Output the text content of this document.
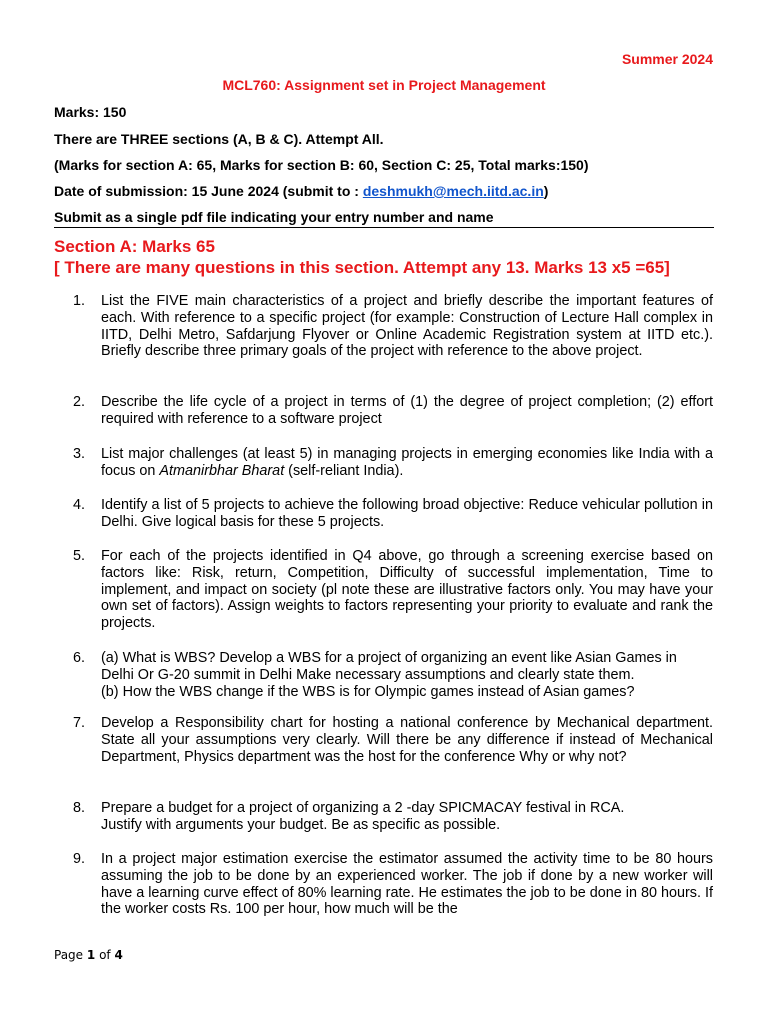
Summer 2024
MCL760: Assignment set in Project Management
Marks: 150
There are THREE sections (A, B & C). Attempt All.
(Marks for section A: 65, Marks for section B: 60, Section C: 25, Total marks:150)
Date of submission: 15 June 2024 (submit to : deshmukh@mech.iitd.ac.in)
Submit as a single pdf file indicating your entry number and name
Section A: Marks 65
[ There are many questions in this section. Attempt any 13. Marks 13 x5 =65]
1.	List the FIVE main characteristics of a project and briefly describe the important features of each. With reference to a specific project (for example: Construction of Lecture Hall complex in IITD, Delhi Metro, Safdarjung Flyover or Online Academic Registration system at IITD etc.). Briefly describe three primary goals of the project with reference to the above project.
2.	Describe the life cycle of a project in terms of (1) the degree of project completion; (2) effort required with reference to a software project
3.	List major challenges (at least 5) in managing projects in emerging economies like India with a focus on Atmanirbhar Bharat (self-reliant India).
4.	Identify a list of 5 projects to achieve the following broad objective: Reduce vehicular pollution in Delhi. Give logical basis for these 5 projects.
5.	For each of the projects identified in Q4 above, go through a screening exercise based on factors like: Risk, return, Competition, Difficulty of successful implementation, Time to implement, and impact on society (pl note these are illustrative factors only. You may have your own set of factors). Assign weights to factors representing your priority to evaluate and rank the projects.
6.	(a) What is WBS? Develop a WBS for a project of organizing an event like Asian Games in Delhi Or G-20 summit in Delhi Make necessary assumptions and clearly state them.
(b) How the WBS change if the WBS is for Olympic games instead of Asian games?
7.	Develop a Responsibility chart for hosting a national conference by Mechanical department. State all your assumptions very clearly. Will there be any difference if instead of Mechanical Department, Physics department was the host for the conference Why or why not?
8.	Prepare a budget for a project of organizing a 2 -day SPICMACAY festival in RCA.
Justify with arguments your budget. Be as specific as possible.
9.	In a project major estimation exercise the estimator assumed the activity time to be 80 hours assuming the job to be done by an experienced worker. The job if done by a new worker will have a learning curve effect of 80% learning rate. He estimates the job to be done in 80 hours. If the worker costs Rs. 100 per hour, how much will be the
Page 1 of 4
